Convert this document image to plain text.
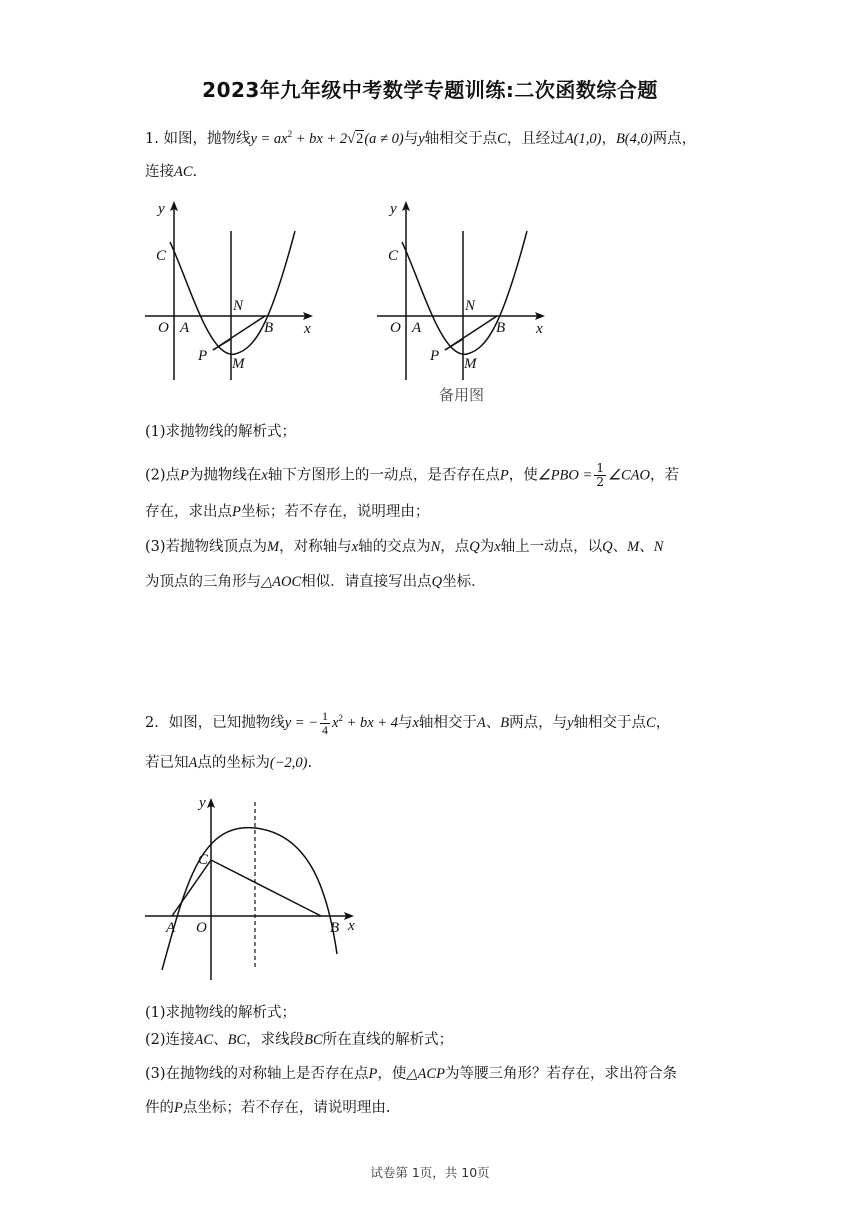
2023年九年级中考数学专题训练:二次函数综合题
1. 如图，抛物线$y = ax^2$ + bx + 2√2(a ≠ 0)与y轴相交于点C，且经过A(1,0)，B(4,0)两点，
连接AC.
y
x
C
O A	B
N
P M
y
x
C
O A	B
N
P M
备用图
(1)求抛物线的解析式；
(2)点P为抛物线在x轴下方图形上的一动点，是否存在点P，使∠PBO = $\frac{1}{2}$ ∠CAO，若
存在，求出点P坐标；若不存在，说明理由；
(3)若抛物线顶点为M，对称轴与x轴的交点为N，点Q为x轴上一动点，以Q、M、N
为顶点的三角形与△AOC相似．请直接写出点Q坐标．
2．如图，已知抛物线y = − $\frac{1}{4} x^2$ + bx + 4与x轴相交于A、B两点，与y轴相交于点C，
若已知A点的坐标为(−2,0).
y
x
C
O
A	B
(1)求抛物线的解析式；
(2)连接AC、BC，求线段BC所在直线的解析式；
(3)在抛物线的对称轴上是否存在点P，使△ACP为等腰三角形？若存在，求出符合条
件的P点坐标；若不存在，请说明理由.
试卷第 1页，共 10页
